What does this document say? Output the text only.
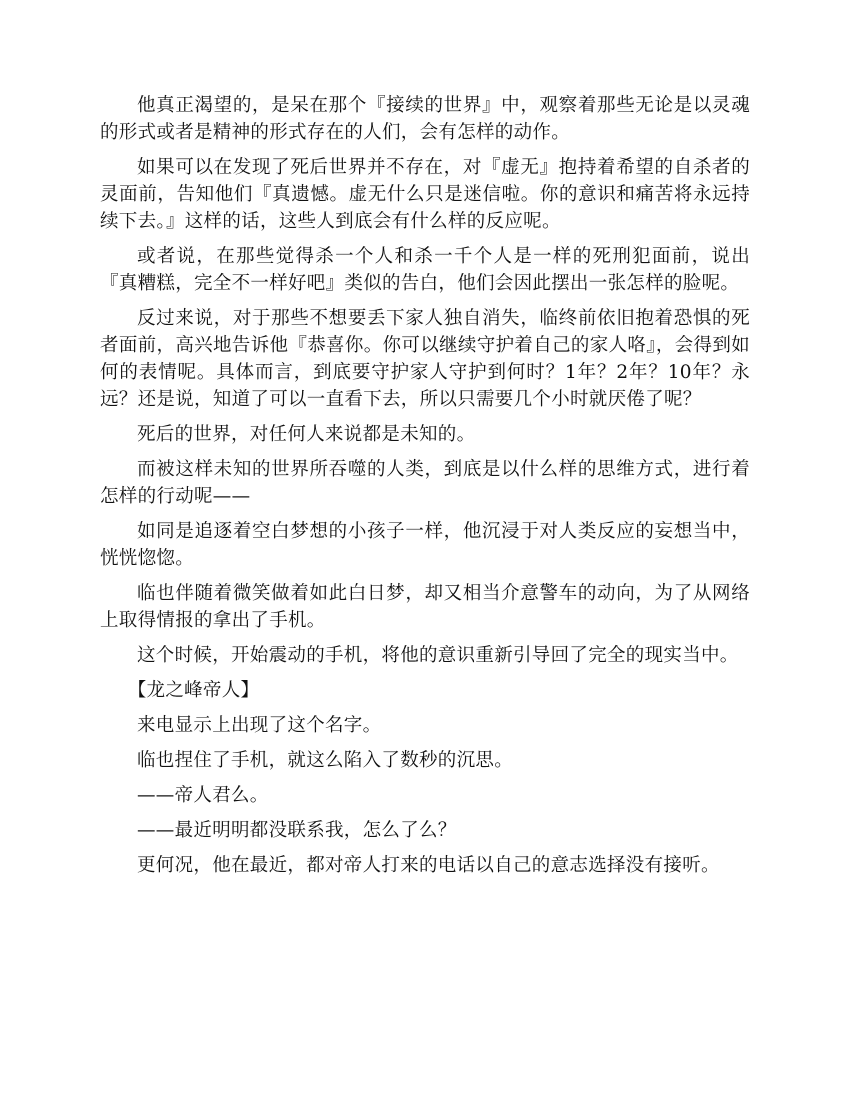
他真正渴望的，是呆在那个『接续的世界』中，观察着那些无论是以灵魂的形式或者是精神的形式存在的人们，会有怎样的动作。

如果可以在发现了死后世界并不存在，对『虚无』抱持着希望的自杀者的灵面前，告知他们『真遗憾。虚无什么只是迷信啦。你的意识和痛苦将永远持续下去。』这样的话，这些人到底会有什么样的反应呢。

或者说，在那些觉得杀一个人和杀一千个人是一样的死刑犯面前，说出『真糟糕，完全不一样好吧』类似的告白，他们会因此摆出一张怎样的脸呢。

反过来说，对于那些不想要丢下家人独自消失，临终前依旧抱着恐惧的死者面前，高兴地告诉他『恭喜你。你可以继续守护着自己的家人咯』，会得到如何的表情呢。具体而言，到底要守护家人守护到何时？1年？2年？10年？永远？还是说，知道了可以一直看下去，所以只需要几个小时就厌倦了呢？

死后的世界，对任何人来说都是未知的。

而被这样未知的世界所吞噬的人类，到底是以什么样的思维方式，进行着怎样的行动呢——

如同是追逐着空白梦想的小孩子一样，他沉浸于对人类反应的妄想当中，恍恍惚惚。

临也伴随着微笑做着如此白日梦，却又相当介意警车的动向，为了从网络上取得情报的拿出了手机。

这个时候，开始震动的手机，将他的意识重新引导回了完全的现实当中。

【龙之峰帝人】

来电显示上出现了这个名字。

临也捏住了手机，就这么陷入了数秒的沉思。

——帝人君么。

——最近明明都没联系我，怎么了么？

更何况，他在最近，都对帝人打来的电话以自己的意志选择没有接听。
